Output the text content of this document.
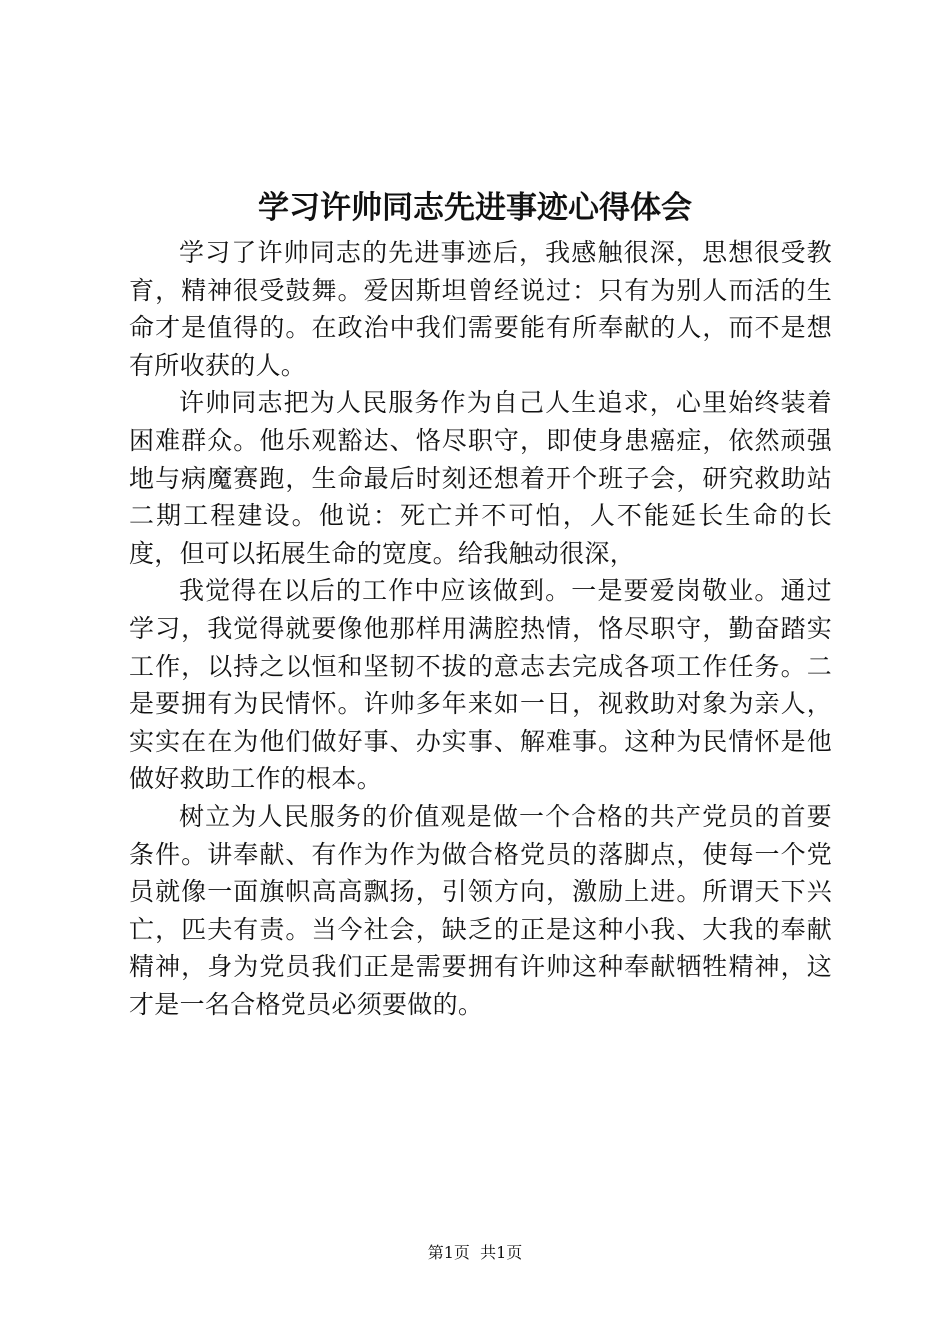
学习许帅同志先进事迹心得体会

学习了许帅同志的先进事迹后，我感触很深，思想很受教育，精神很受鼓舞。爱因斯坦曾经说过：只有为别人而活的生命才是值得的。在政治中我们需要能有所奉献的人，而不是想有所收获的人。

许帅同志把为人民服务作为自己人生追求，心里始终装着困难群众。他乐观豁达、恪尽职守，即使身患癌症，依然顽强地与病魔赛跑，生命最后时刻还想着开个班子会，研究救助站二期工程建设。他说：死亡并不可怕，人不能延长生命的长度，但可以拓展生命的宽度。给我触动很深，

我觉得在以后的工作中应该做到。一是要爱岗敬业。通过学习，我觉得就要像他那样用满腔热情，恪尽职守，勤奋踏实工作，以持之以恒和坚韧不拔的意志去完成各项工作任务。二是要拥有为民情怀。许帅多年来如一日，视救助对象为亲人，实实在在为他们做好事、办实事、解难事。这种为民情怀是他做好救助工作的根本。

树立为人民服务的价值观是做一个合格的共产党员的首要条件。讲奉献、有作为作为做合格党员的落脚点，使每一个党员就像一面旗帜高高飘扬，引领方向，激励上进。所谓天下兴亡，匹夫有责。当今社会，缺乏的正是这种小我、大我的奉献精神，身为党员我们正是需要拥有许帅这种奉献牺牲精神，这才是一名合格党员必须要做的。

第1页  共1页
